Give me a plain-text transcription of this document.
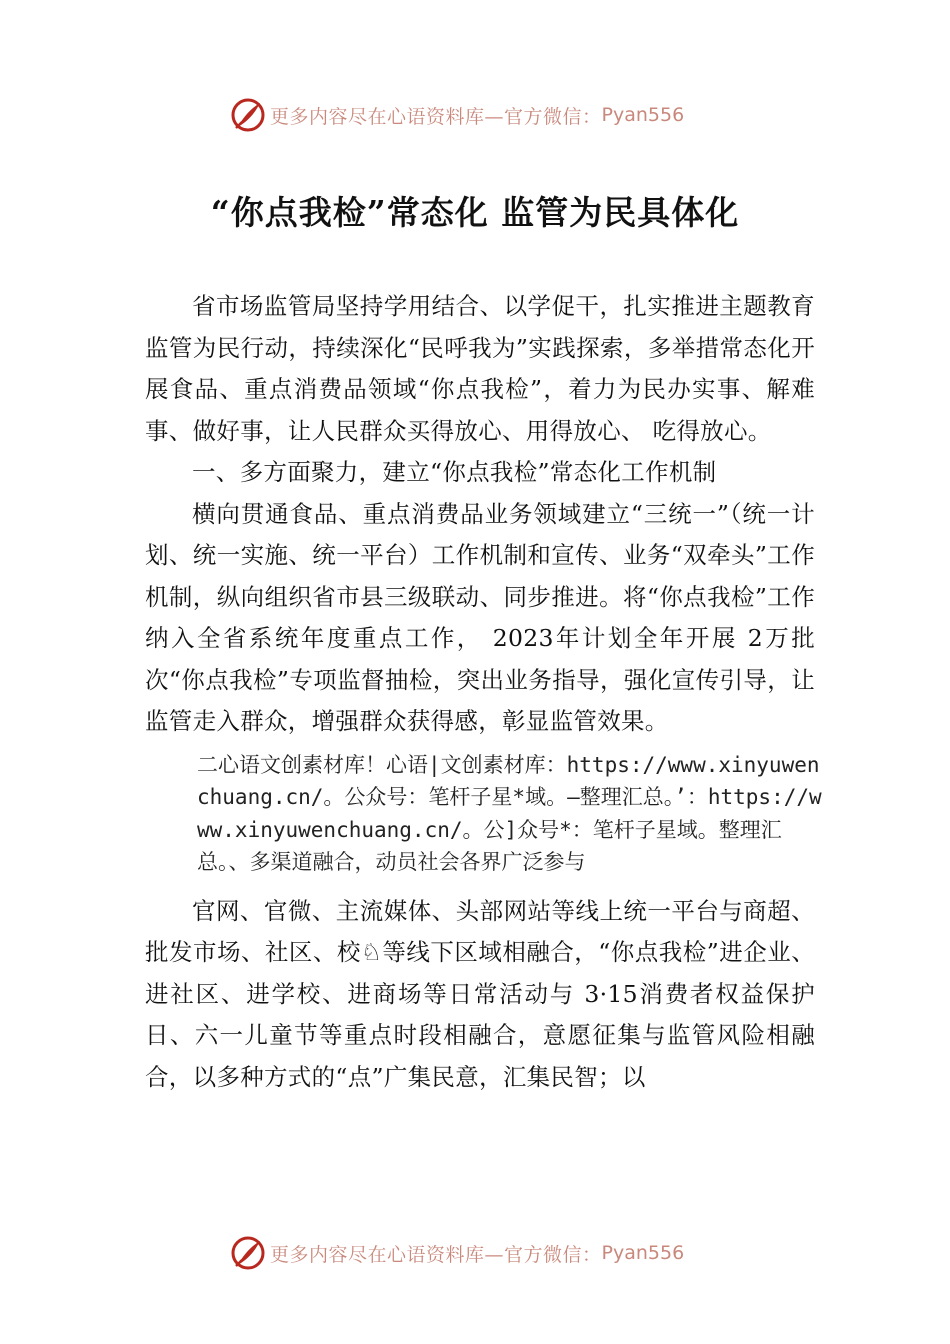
更多内容尽在心语资料库—官方微信： Pyan556
“你点我检”常态化 监管为民具体化

省市场监管局坚持学用结合、以学促干，扎实推进主题教育监管为民行动，持续深化“民呼我为”实践探索，多举措常态化开展食品、重点消费品领域“你点我检”，着力为民办实事、解难事、做好事，让人民群众买得放心、用得放心、 吃得放心。

一、多方面聚力，建立“你点我检”常态化工作机制

横向贯通食品、重点消费品业务领域建立“三统一”（统一计划、统一实施、统一平台）工作机制和宣传、业务“双牵头”工作机制，纵向组织省市县三级联动、同步推进。将“你点我检”工作纳入全省系统年度重点工作， 2023年计划全年开展 2万批次“你点我检”专项监督抽检，突出业务指导，强化宣传引导，让监管走入群众，增强群众获得感，彰显监管效果。

二心语文创素材库！心语|文创素材库：https://www.xinyuwenchuang.cn/。公众号：笔杆子星*域。—整理汇总。’：https://www.xinyuwenchuang.cn/。公]众号*：笔杆子星域。整理汇总。、多渠道融合，动员社会各界广泛参与

官网、官微、主流媒体、头部网站等线上统一平台与商超、批发市场、社区、校♘等线下区域相融合，“你点我检”进企业、进社区、进学校、进商场等日常活动与 3·15消费者权益保护日、六一儿童节等重点时段相融合，意愿征集与监管风险相融合，以多种方式的“点”广集民意，汇集民智；以

更多内容尽在心语资料库—官方微信： Pyan556
